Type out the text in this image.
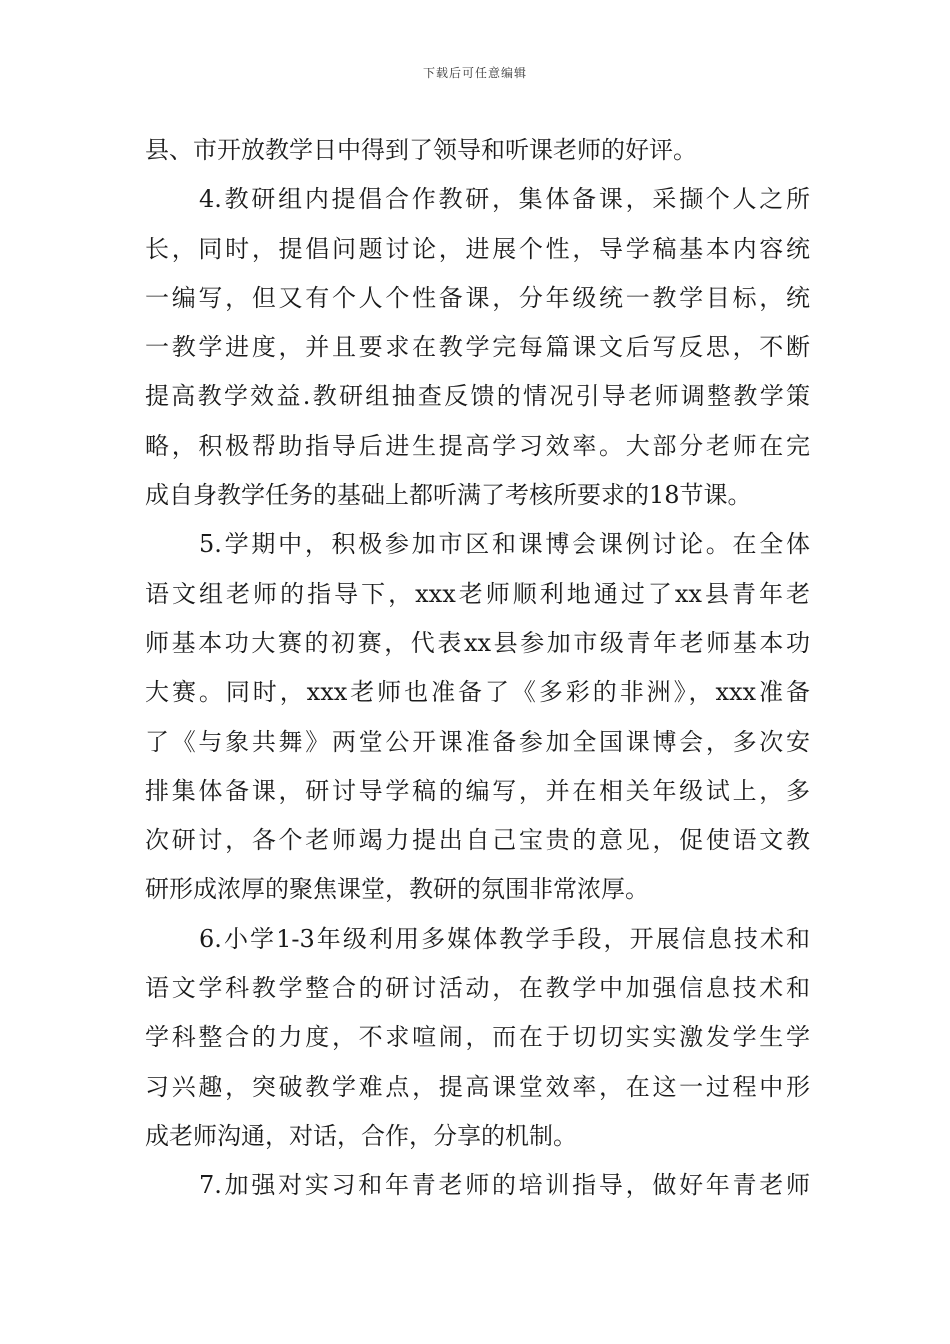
下载后可任意编辑
县、市开放教学日中得到了领导和听课老师的好评。
4.教研组内提倡合作教研，集体备课，采撷个人之所
长，同时，提倡问题讨论，进展个性，导学稿基本内容统
一编写，但又有个人个性备课，分年级统一教学目标，统
一教学进度，并且要求在教学完每篇课文后写反思，不断
提高教学效益.教研组抽查反馈的情况引导老师调整教学策
略，积极帮助指导后进生提高学习效率。大部分老师在完
成自身教学任务的基础上都听满了考核所要求的18节课。
5.学期中，积极参加市区和课博会课例讨论。在全体
语文组老师的指导下，xxx老师顺利地通过了xx县青年老
师基本功大赛的初赛，代表xx县参加市级青年老师基本功
大赛。同时，xxx老师也准备了《多彩的非洲》，xxx准备
了《与象共舞》两堂公开课准备参加全国课博会，多次安
排集体备课，研讨导学稿的编写，并在相关年级试上，多
次研讨，各个老师竭力提出自己宝贵的意见，促使语文教
研形成浓厚的聚焦课堂，教研的氛围非常浓厚。
6.小学1-3年级利用多媒体教学手段，开展信息技术和
语文学科教学整合的研讨活动，在教学中加强信息技术和
学科整合的力度，不求喧闹，而在于切切实实激发学生学
习兴趣，突破教学难点，提高课堂效率，在这一过程中形
成老师沟通，对话，合作，分享的机制。
7.加强对实习和年青老师的培训指导，做好年青老师
